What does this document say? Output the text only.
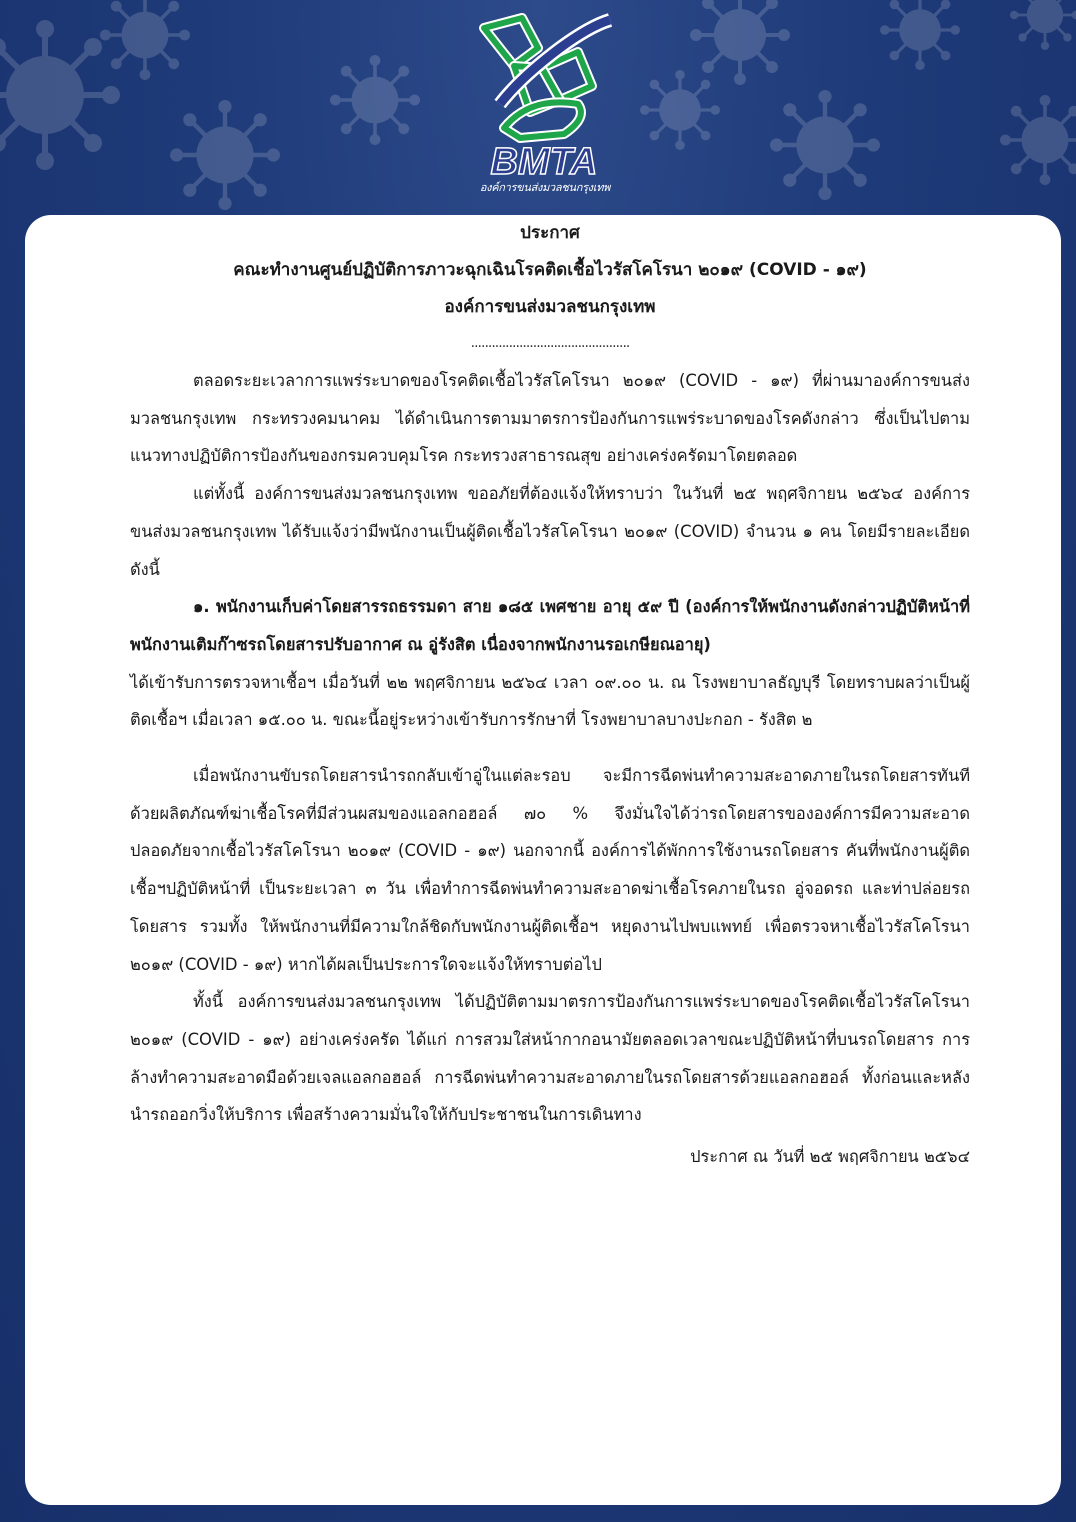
BMTA
องค์การขนส่งมวลชนกรุงเทพ
ประกาศ
คณะทำงานศูนย์ปฏิบัติการภาวะฉุกเฉินโรคติดเชื้อไวรัสโคโรนา ๒๐๑๙ (COVID - ๑๙)
องค์การขนส่งมวลชนกรุงเทพ
..............................................

ตลอดระยะเวลาการแพร่ระบาดของโรคติดเชื้อไวรัสโคโรนา ๒๐๑๙ (COVID - ๑๙) ที่ผ่านมาองค์การขนส่งมวลชนกรุงเทพ กระทรวงคมนาคม ได้ดำเนินการตามมาตรการป้องกันการแพร่ระบาดของโรคดังกล่าว ซึ่งเป็นไปตามแนวทางปฏิบัติการป้องกันของกรมควบคุมโรค กระทรวงสาธารณสุข อย่างเคร่งครัดมาโดยตลอด

แต่ทั้งนี้ องค์การขนส่งมวลชนกรุงเทพ ขออภัยที่ต้องแจ้งให้ทราบว่า ในวันที่ ๒๕ พฤศจิกายน ๒๕๖๔ องค์การขนส่งมวลชนกรุงเทพ ได้รับแจ้งว่ามีพนักงานเป็นผู้ติดเชื้อไวรัสโคโรนา ๒๐๑๙ (COVID) จำนวน ๑ คน โดยมีรายละเอียด ดังนี้

๑. พนักงานเก็บค่าโดยสารรถธรรมดา สาย ๑๘๕ เพศชาย อายุ ๕๙ ปี (องค์การให้พนักงานดังกล่าวปฏิบัติหน้าที่พนักงานเติมก๊าซรถโดยสารปรับอากาศ ณ อู่รังสิต เนื่องจากพนักงานรอเกษียณอายุ)

ได้เข้ารับการตรวจหาเชื้อฯ เมื่อวันที่ ๒๒ พฤศจิกายน ๒๕๖๔ เวลา ๐๙.๐๐ น. ณ โรงพยาบาลธัญบุรี โดยทราบผลว่าเป็นผู้ติดเชื้อฯ เมื่อเวลา ๑๕.๐๐ น. ขณะนี้อยู่ระหว่างเข้ารับการรักษาที่ โรงพยาบาลบางปะกอก - รังสิต ๒

เมื่อพนักงานขับรถโดยสารนำรถกลับเข้าอู่ในแต่ละรอบ จะมีการฉีดพ่นทำความสะอาดภายในรถโดยสารทันทีด้วยผลิตภัณฑ์ฆ่าเชื้อโรคที่มีส่วนผสมของแอลกอฮอล์ ๗๐ % จึงมั่นใจได้ว่ารถโดยสารขององค์การมีความสะอาด ปลอดภัยจากเชื้อไวรัสโคโรนา ๒๐๑๙ (COVID - ๑๙) นอกจากนี้ องค์การได้พักการใช้งานรถโดยสาร คันที่พนักงานผู้ติดเชื้อฯปฏิบัติหน้าที่ เป็นระยะเวลา ๓ วัน เพื่อทำการฉีดพ่นทำความสะอาดฆ่าเชื้อโรคภายในรถ อู่จอดรถ และท่าปล่อยรถโดยสาร รวมทั้ง ให้พนักงานที่มีความใกล้ชิดกับพนักงานผู้ติดเชื้อฯ หยุดงานไปพบแพทย์ เพื่อตรวจหาเชื้อไวรัสโคโรนา ๒๐๑๙ (COVID - ๑๙) หากได้ผลเป็นประการใดจะแจ้งให้ทราบต่อไป

ทั้งนี้ องค์การขนส่งมวลชนกรุงเทพ ได้ปฏิบัติตามมาตรการป้องกันการแพร่ระบาดของโรคติดเชื้อไวรัสโคโรนา ๒๐๑๙ (COVID - ๑๙) อย่างเคร่งครัด ได้แก่ การสวมใส่หน้ากากอนามัยตลอดเวลาขณะปฏิบัติหน้าที่บนรถโดยสาร การล้างทำความสะอาดมือด้วยเจลแอลกอฮอล์ การฉีดพ่นทำความสะอาดภายในรถโดยสารด้วยแอลกอฮอล์ ทั้งก่อนและหลังนำรถออกวิ่งให้บริการ เพื่อสร้างความมั่นใจให้กับประชาชนในการเดินทาง

ประกาศ ณ วันที่ ๒๕ พฤศจิกายน ๒๕๖๔
